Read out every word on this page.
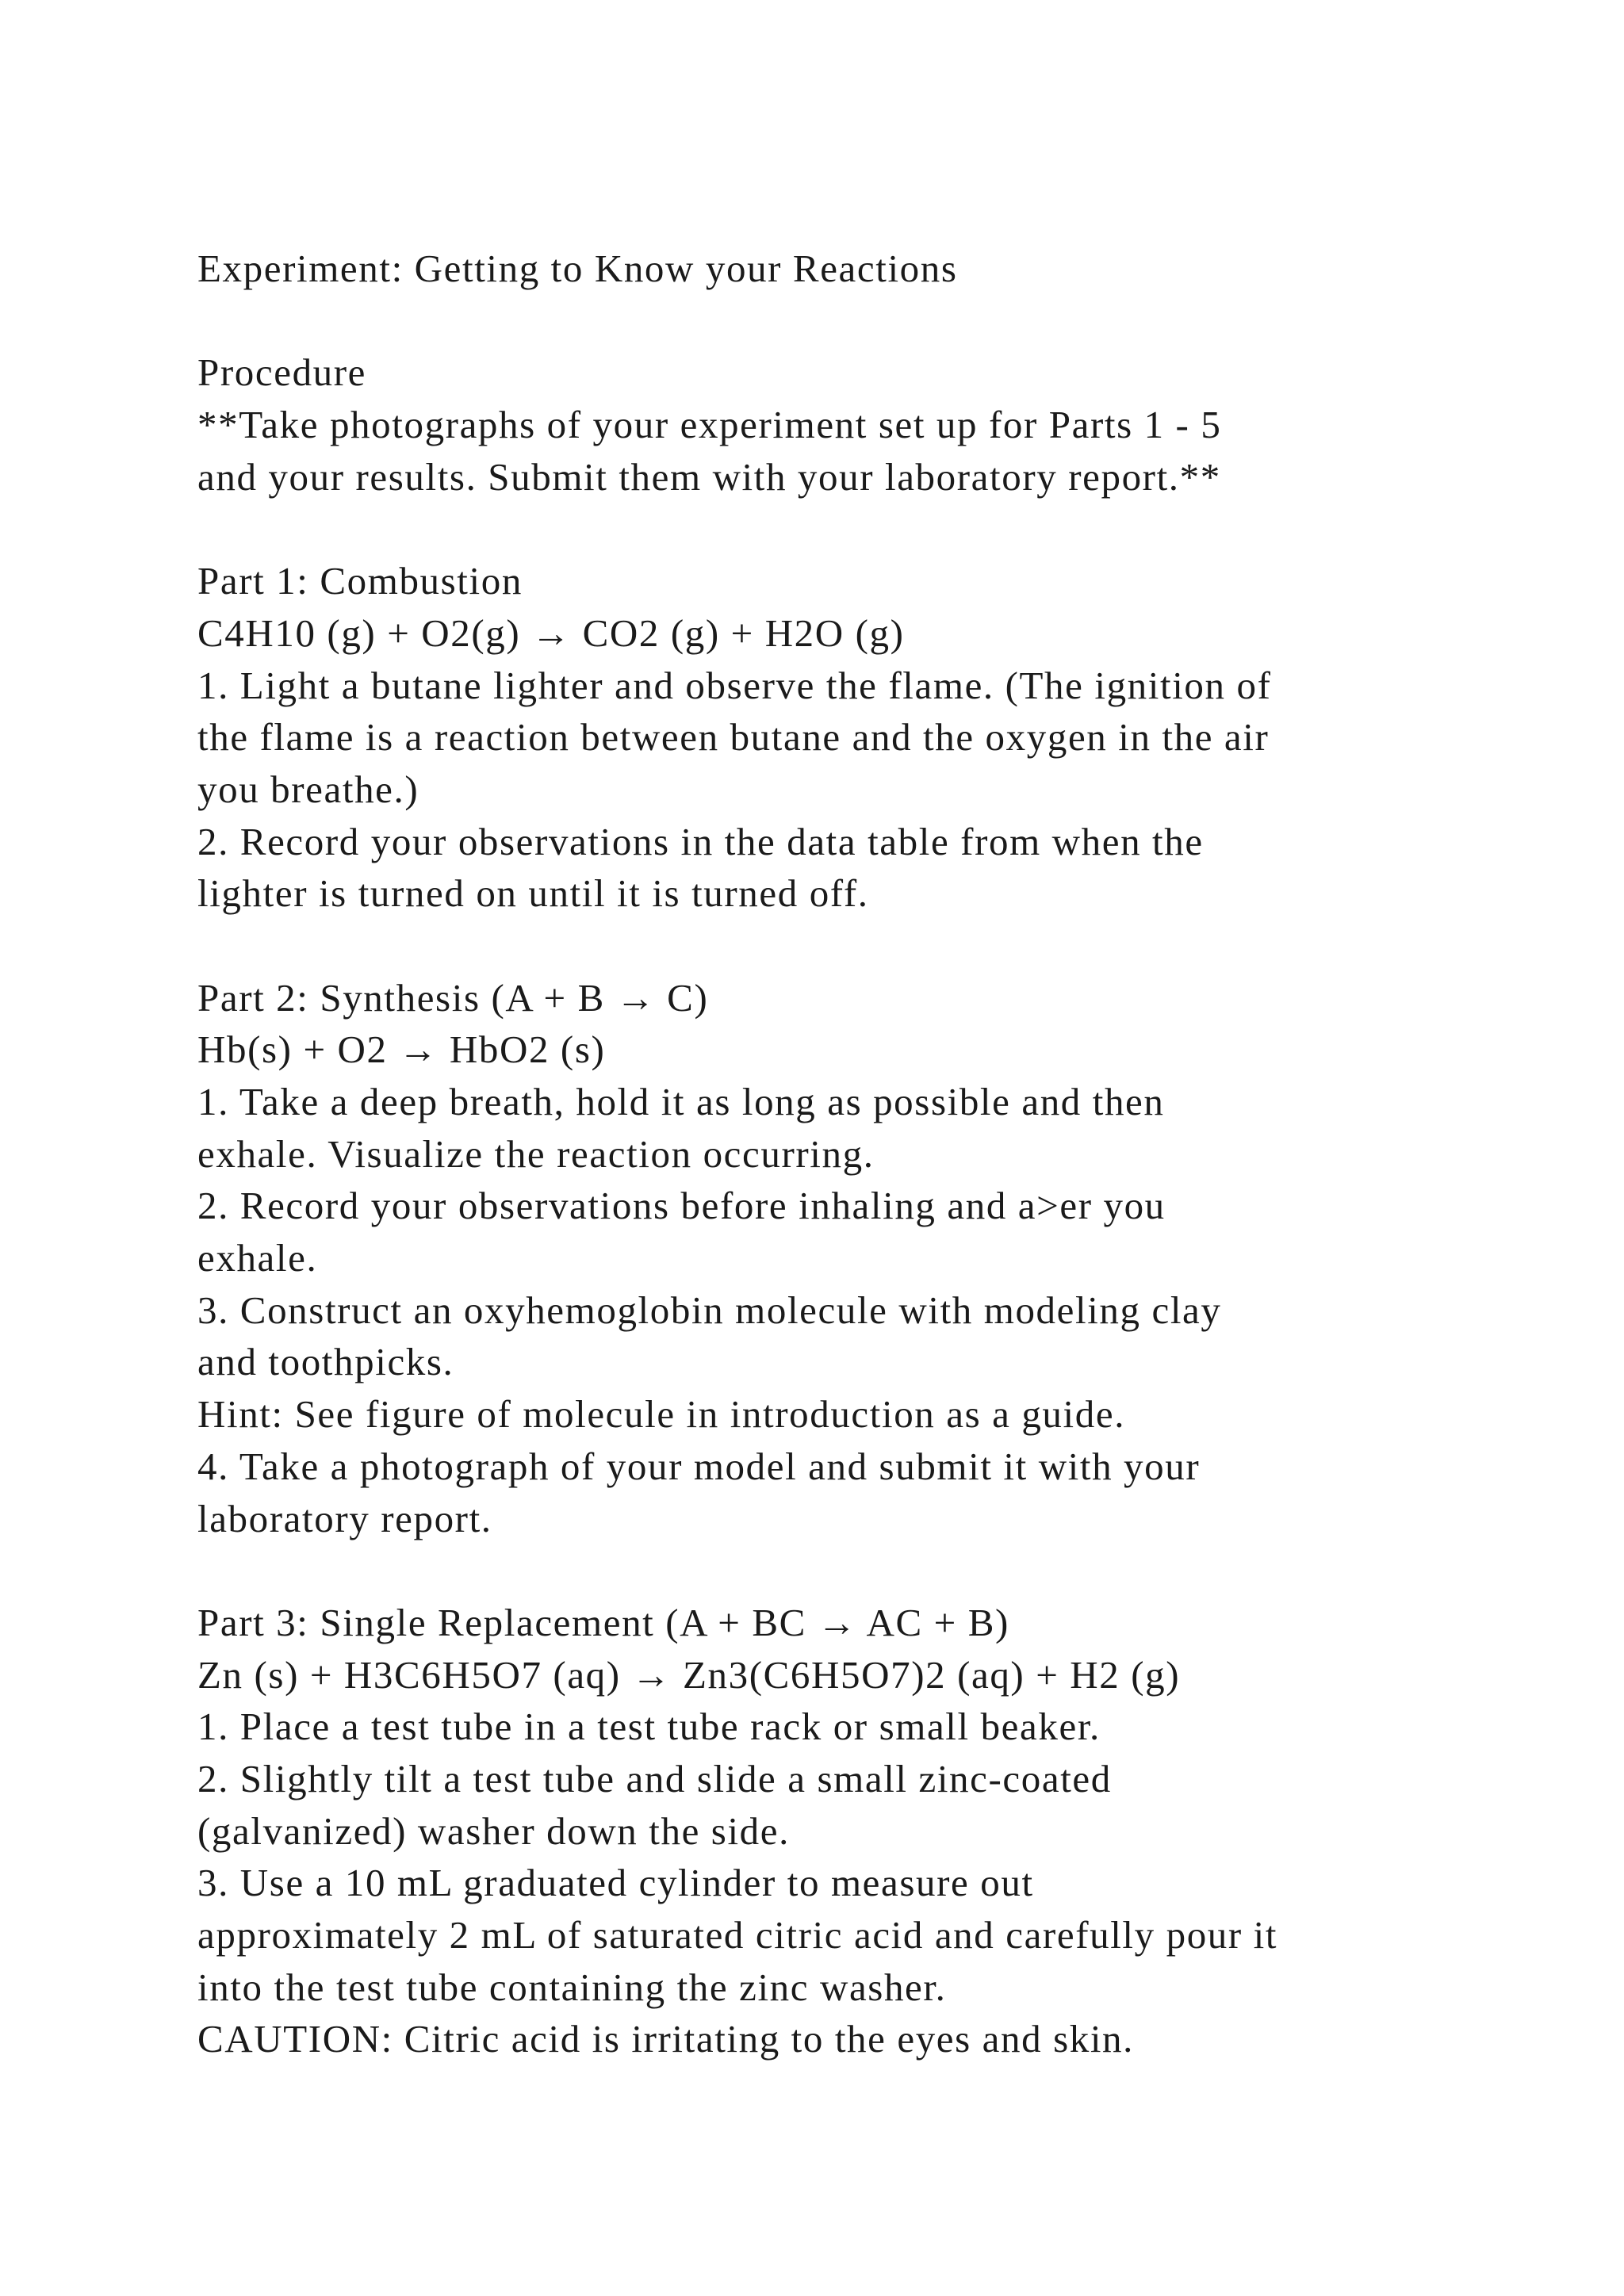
Experiment: Getting to Know your Reactions
Procedure
**Take photographs of your experiment set up for Parts 1 - 5
and your results. Submit them with your laboratory report.**
Part 1: Combustion
C4H10 (g) + O2(g) → CO2 (g) + H2O (g)
1. Light a butane lighter and observe the flame. (The ignition of
the flame is a reaction between butane and the oxygen in the air
you breathe.)
2. Record your observations in the data table from when the
lighter is turned on until it is turned off.
Part 2: Synthesis (A + B → C)
Hb(s) + O2 → HbO2 (s)
1. Take a deep breath, hold it as long as possible and then
exhale. Visualize the reaction occurring.
2. Record your observations before inhaling and a>er you
exhale.
3. Construct an oxyhemoglobin molecule with modeling clay
and toothpicks.
Hint: See figure of molecule in introduction as a guide.
4. Take a photograph of your model and submit it with your
laboratory report.
Part 3: Single Replacement (A + BC → AC + B)
Zn (s) + H3C6H5O7 (aq) → Zn3(C6H5O7)2 (aq) + H2 (g)
1. Place a test tube in a test tube rack or small beaker.
2. Slightly tilt a test tube and slide a small zinc-coated
(galvanized) washer down the side.
3. Use a 10 mL graduated cylinder to measure out
approximately 2 mL of saturated citric acid and carefully pour it
into the test tube containing the zinc washer.
CAUTION: Citric acid is irritating to the eyes and skin.
